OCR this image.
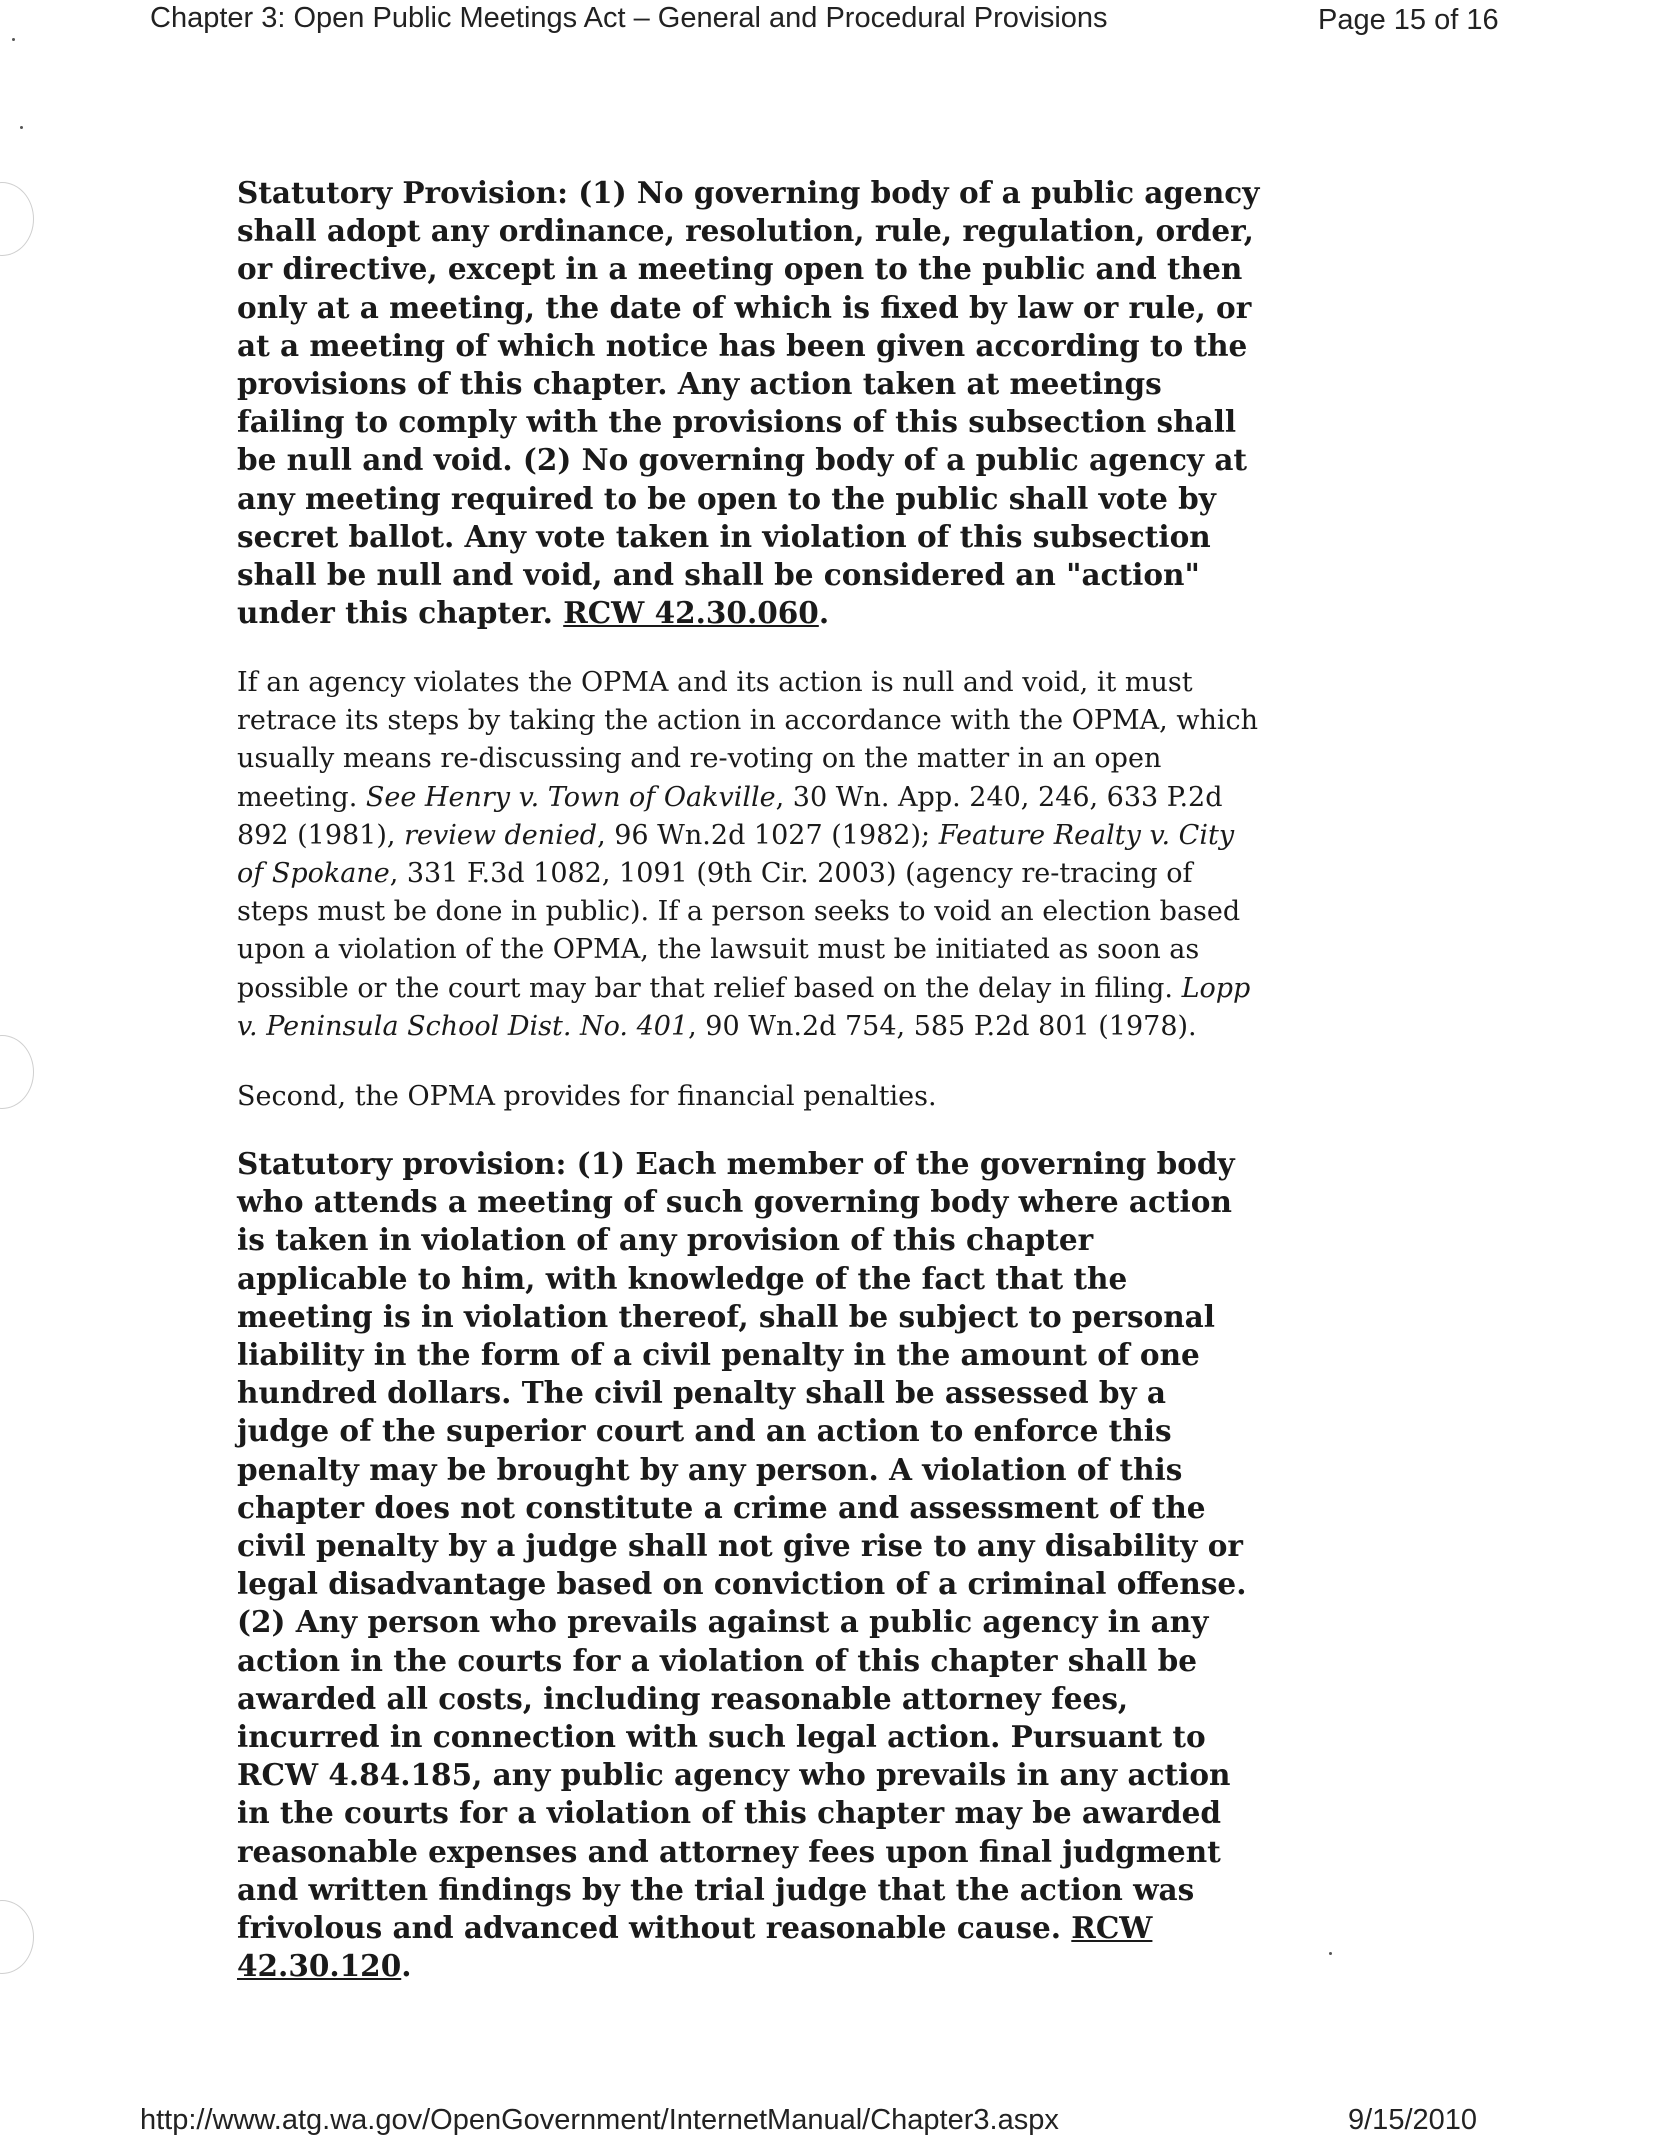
Chapter 3: Open Public Meetings Act – General and Procedural Provisions	Page 15 of 16

Statutory Provision: (1) No governing body of a public agency shall adopt any ordinance, resolution, rule, regulation, order, or directive, except in a meeting open to the public and then only at a meeting, the date of which is fixed by law or rule, or at a meeting of which notice has been given according to the provisions of this chapter. Any action taken at meetings failing to comply with the provisions of this subsection shall be null and void. (2) No governing body of a public agency at any meeting required to be open to the public shall vote by secret ballot. Any vote taken in violation of this subsection shall be null and void, and shall be considered an "action" under this chapter. RCW 42.30.060.

If an agency violates the OPMA and its action is null and void, it must retrace its steps by taking the action in accordance with the OPMA, which usually means re-discussing and re-voting on the matter in an open meeting. See Henry v. Town of Oakville, 30 Wn. App. 240, 246, 633 P.2d 892 (1981), review denied, 96 Wn.2d 1027 (1982); Feature Realty v. City of Spokane, 331 F.3d 1082, 1091 (9th Cir. 2003) (agency re-tracing of steps must be done in public). If a person seeks to void an election based upon a violation of the OPMA, the lawsuit must be initiated as soon as possible or the court may bar that relief based on the delay in filing. Lopp v. Peninsula School Dist. No. 401, 90 Wn.2d 754, 585 P.2d 801 (1978).

Second, the OPMA provides for financial penalties.

Statutory provision: (1) Each member of the governing body who attends a meeting of such governing body where action is taken in violation of any provision of this chapter applicable to him, with knowledge of the fact that the meeting is in violation thereof, shall be subject to personal liability in the form of a civil penalty in the amount of one hundred dollars. The civil penalty shall be assessed by a judge of the superior court and an action to enforce this penalty may be brought by any person. A violation of this chapter does not constitute a crime and assessment of the civil penalty by a judge shall not give rise to any disability or legal disadvantage based on conviction of a criminal offense. (2) Any person who prevails against a public agency in any action in the courts for a violation of this chapter shall be awarded all costs, including reasonable attorney fees, incurred in connection with such legal action. Pursuant to RCW 4.84.185, any public agency who prevails in any action in the courts for a violation of this chapter may be awarded reasonable expenses and attorney fees upon final judgment and written findings by the trial judge that the action was frivolous and advanced without reasonable cause. RCW 42.30.120.

http://www.atg.wa.gov/OpenGovernment/InternetManual/Chapter3.aspx	9/15/2010
